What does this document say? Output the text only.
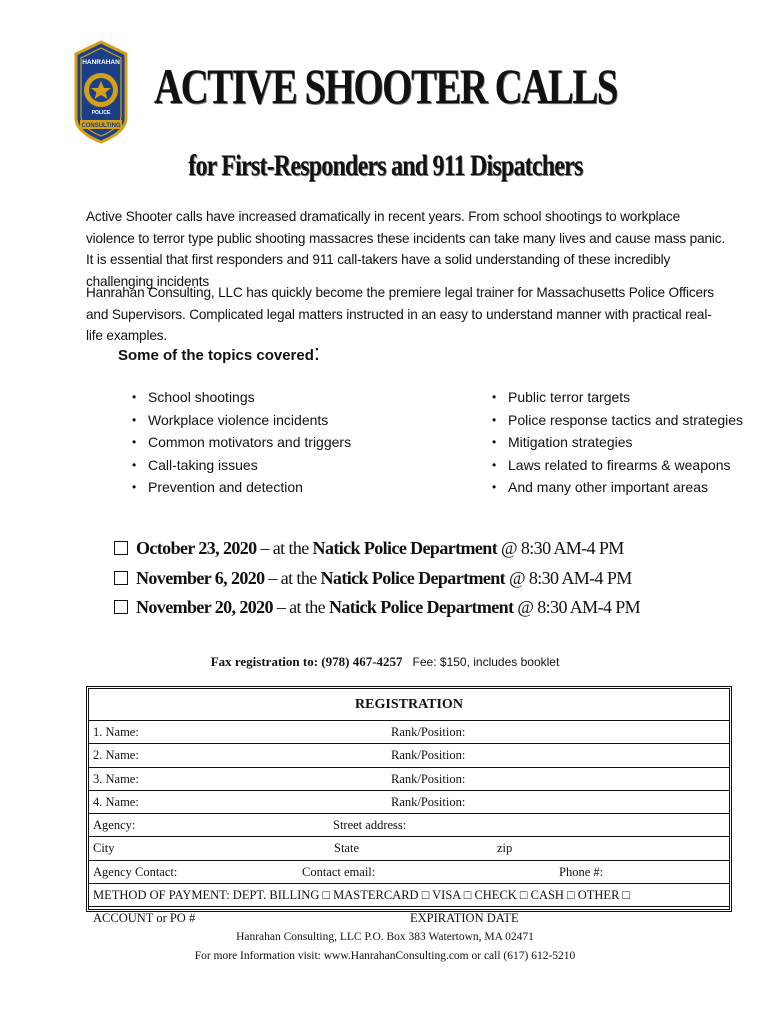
HANRAHAN
POLICE
CONSULTING
ACTIVE SHOOTER CALLS
for First-Responders and 911 Dispatchers
Active Shooter calls have increased dramatically in recent years. From school shootings to workplace violence to terror type public shooting massacres these incidents can take many lives and cause mass panic. It is essential that first responders and 911 call-takers have a solid understanding of these incredibly challenging incidents
Hanrahan Consulting, LLC has quickly become the premiere legal trainer for Massachusetts Police Officers and Supervisors. Complicated legal matters instructed in an easy to understand manner with practical real-life examples.
Some of the topics covered:
• School shootings
• Workplace violence incidents
• Common motivators and triggers
• Call-taking issues
• Prevention and detection
• Public terror targets
• Police response tactics and strategies
• Mitigation strategies
• Laws related to firearms & weapons
• And many other important areas
October 23, 2020 – at the Natick Police Department @ 8:30 AM-4 PM
November 6, 2020 – at the Natick Police Department @ 8:30 AM-4 PM
November 20, 2020 – at the Natick Police Department @ 8:30 AM-4 PM
Fax registration to: (978) 467-4257 Fee: $150, includes booklet
REGISTRATION
1. Name:	Rank/Position:
2. Name:	Rank/Position:
3. Name:	Rank/Position:
4. Name:	Rank/Position:
Agency:	Street address:
City	State	zip
Agency Contact:	Contact email:	Phone #:
METHOD OF PAYMENT: DEPT. BILLING □ MASTERCARD □ VISA □ CHECK □ CASH □ OTHER □
ACCOUNT or PO #	EXPIRATION DATE
Hanrahan Consulting, LLC P.O. Box 383 Watertown, MA 02471
For more Information visit: www.HanrahanConsulting.com or call (617) 612-5210
